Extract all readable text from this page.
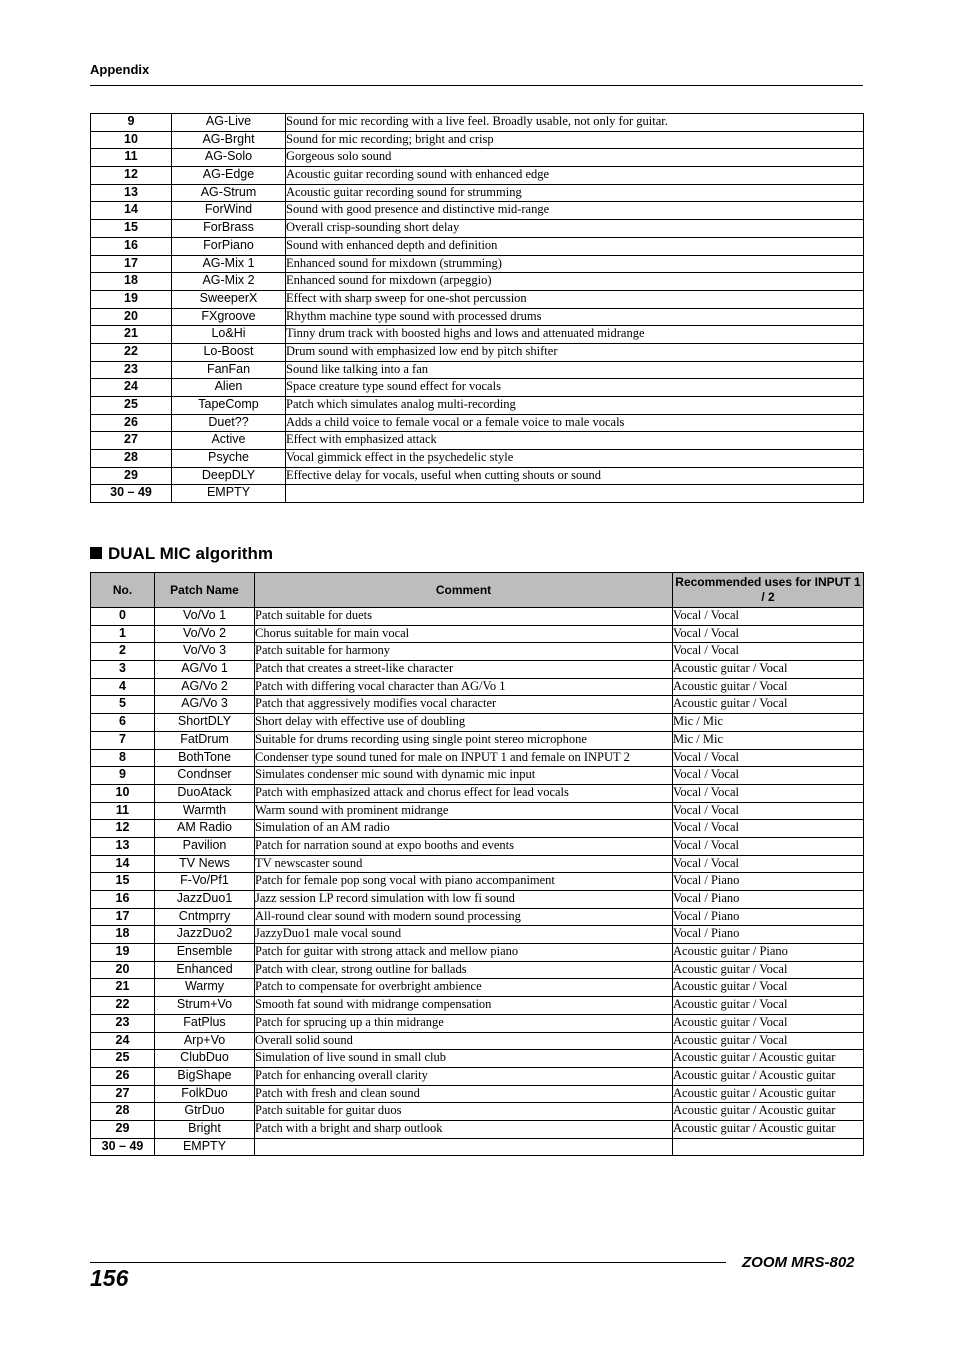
Appendix
9	AG-Live	Sound for mic recording with a live feel. Broadly usable, not only for guitar.
10	AG-Brght	Sound for mic recording; bright and crisp
11	AG-Solo	Gorgeous solo sound
12	AG-Edge	Acoustic guitar recording sound with enhanced edge
13	AG-Strum	Acoustic guitar recording sound for strumming
14	ForWind	Sound with good presence and distinctive mid-range
15	ForBrass	Overall crisp-sounding short delay
16	ForPiano	Sound with enhanced depth and definition
17	AG-Mix 1	Enhanced sound for mixdown (strumming)
18	AG-Mix 2	Enhanced sound for mixdown (arpeggio)
19	SweeperX	Effect with sharp sweep for one-shot percussion
20	FXgroove	Rhythm machine type sound with processed drums
21	Lo&Hi	Tinny drum track with boosted highs and lows and attenuated midrange
22	Lo-Boost	Drum sound with emphasized low end by pitch shifter
23	FanFan	Sound like talking into a fan
24	Alien	Space creature type sound effect for vocals
25	TapeComp	Patch which simulates analog multi-recording
26	Duet??	Adds a child voice to female vocal or a female voice to male vocals
27	Active	Effect with emphasized attack
28	Psyche	Vocal gimmick effect in the psychedelic style
29	DeepDLY	Effective delay for vocals, useful when cutting shouts or sound
30 – 49	EMPTY	
DUAL MIC algorithm
No.	Patch Name	Comment	Recommended uses for INPUT 1 / 2
0	Vo/Vo 1	Patch suitable for duets	Vocal / Vocal
1	Vo/Vo 2	Chorus suitable for main vocal	Vocal / Vocal
2	Vo/Vo 3	Patch suitable for harmony	Vocal / Vocal
3	AG/Vo 1	Patch that creates a street-like character	Acoustic guitar / Vocal
4	AG/Vo 2	Patch with differing vocal character than AG/Vo 1	Acoustic guitar / Vocal
5	AG/Vo 3	Patch that aggressively modifies vocal character	Acoustic guitar / Vocal
6	ShortDLY	Short delay with effective use of doubling	Mic / Mic
7	FatDrum	Suitable for drums recording using single point stereo microphone	Mic / Mic
8	BothTone	Condenser type sound tuned for male on INPUT 1 and female on INPUT 2	Vocal / Vocal
9	Condnser	Simulates condenser mic sound with dynamic mic input	Vocal / Vocal
10	DuoAtack	Patch with emphasized attack and chorus effect for lead vocals	Vocal / Vocal
11	Warmth	Warm sound with prominent midrange	Vocal / Vocal
12	AM Radio	Simulation of an AM radio	Vocal / Vocal
13	Pavilion	Patch for narration sound at expo booths and events	Vocal / Vocal
14	TV News	TV newscaster sound	Vocal / Vocal
15	F-Vo/Pf1	Patch for female pop song vocal with piano accompaniment	Vocal / Piano
16	JazzDuo1	Jazz session LP record simulation with low fi sound	Vocal / Piano
17	Cntmprry	All-round clear sound with modern sound processing	Vocal / Piano
18	JazzDuo2	JazzyDuo1 male vocal sound	Vocal / Piano
19	Ensemble	Patch for guitar with strong attack and mellow piano	Acoustic guitar / Piano
20	Enhanced	Patch with clear, strong outline for ballads	Acoustic guitar / Vocal
21	Warmy	Patch to compensate for overbright ambience	Acoustic guitar / Vocal
22	Strum+Vo	Smooth fat sound with midrange compensation	Acoustic guitar / Vocal
23	FatPlus	Patch for sprucing up a thin midrange	Acoustic guitar / Vocal
24	Arp+Vo	Overall solid sound	Acoustic guitar / Vocal
25	ClubDuo	Simulation of live sound in small club	Acoustic guitar / Acoustic guitar
26	BigShape	Patch for enhancing overall clarity	Acoustic guitar / Acoustic guitar
27	FolkDuo	Patch with fresh and clean sound	Acoustic guitar / Acoustic guitar
28	GtrDuo	Patch suitable for guitar duos	Acoustic guitar / Acoustic guitar
29	Bright	Patch with a bright and sharp outlook	Acoustic guitar / Acoustic guitar
30 – 49	EMPTY		
ZOOM MRS-802
156
